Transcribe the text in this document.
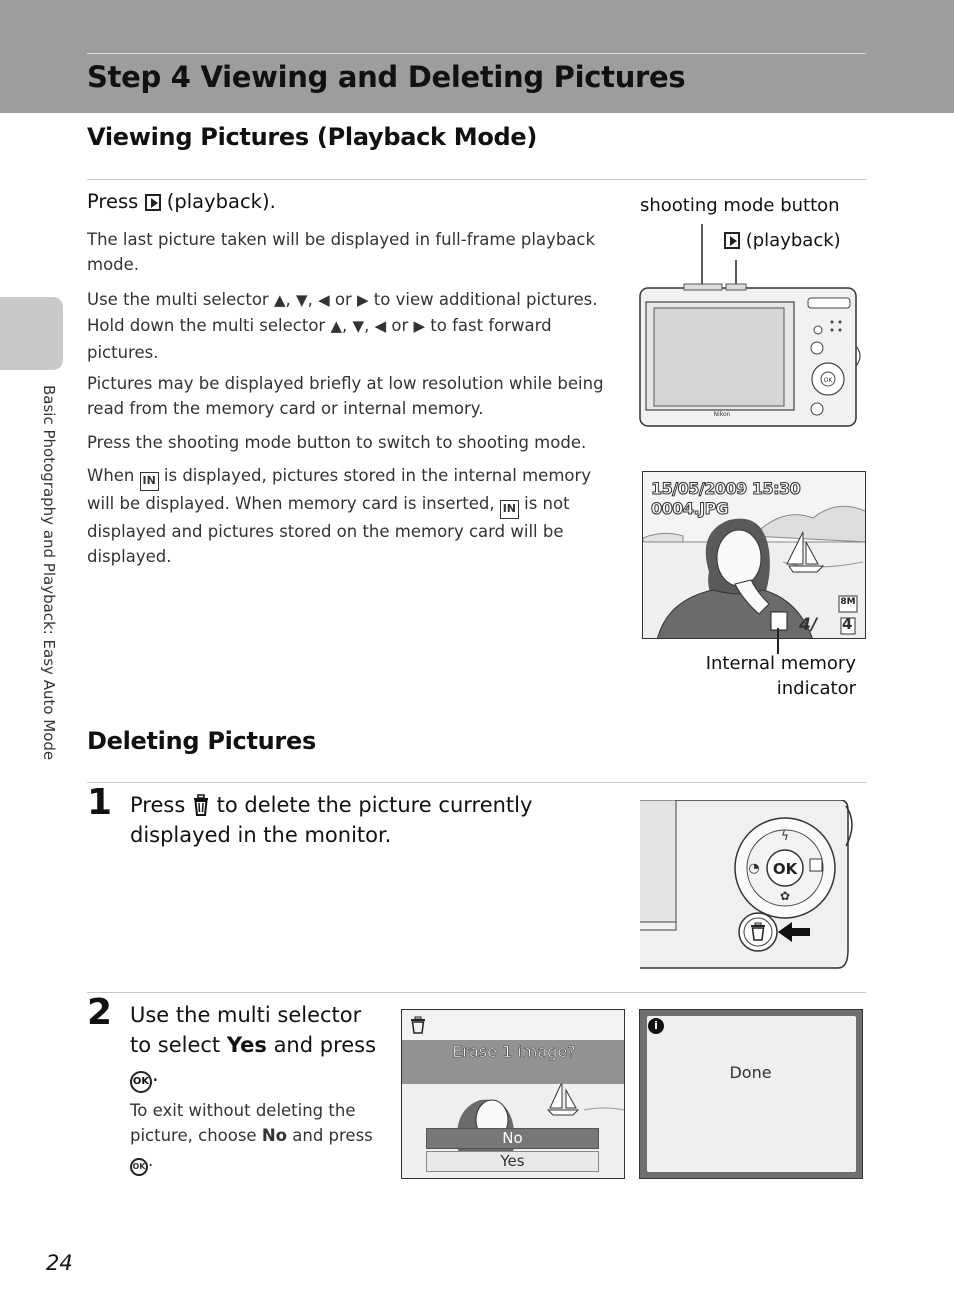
Step 4 Viewing and Deleting Pictures
Basic Photography and Playback: Easy Auto Mode
Viewing Pictures (Playback Mode)
Press (playback).
The last picture taken will be displayed in full-frame playback mode.
Use the multi selector ▲, ▼, ◀ or ▶ to view additional pictures. Hold down the multi selector ▲, ▼, ◀ or ▶ to fast forward pictures.
Pictures may be displayed briefly at low resolution while being read from the memory card or internal memory.
Press the shooting mode button to switch to shooting mode.
When IN is displayed, pictures stored in the internal memory will be displayed. When memory card is inserted, IN is not displayed and pictures stored on the memory card will be displayed.
shooting mode button
(playback)
Nikon
OK
15/05/2009 15:30
0004.JPG
8M
4/ 4
Internal memory
indicator
Deleting Pictures
1 Press to delete the picture currently displayed in the monitor.
OK
ϟ
◔
✿
2 Use the multi selector to select Yes and press OK .
To exit without deleting the picture, choose No and press OK .
Erase 1 image?
No
Yes
i
Done
24
